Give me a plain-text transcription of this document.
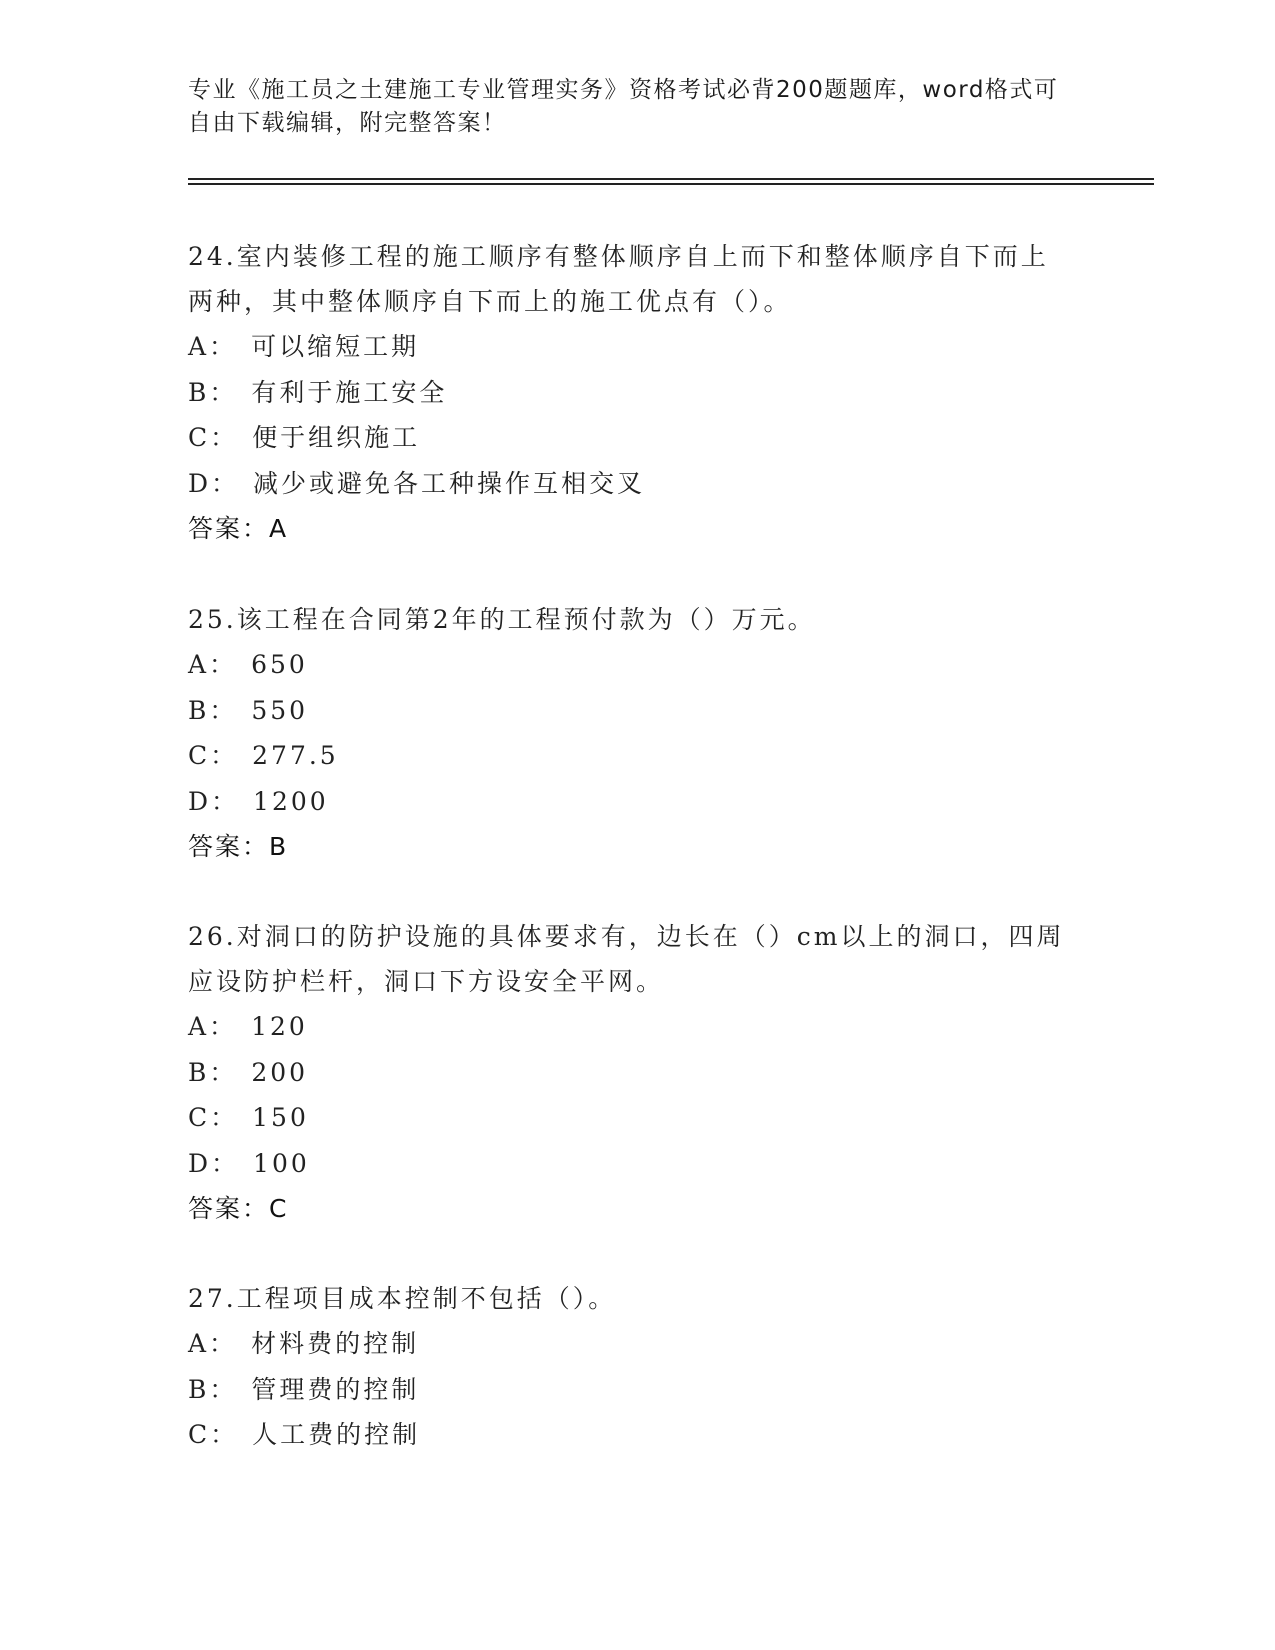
专业《施工员之土建施工专业管理实务》资格考试必背200题题库，word格式可
自由下载编辑，附完整答案！
24.室内装修工程的施工顺序有整体顺序自上而下和整体顺序自下而上
两种，其中整体顺序自下而上的施工优点有（）。
A： 可以缩短工期
B： 有利于施工安全
C： 便于组织施工
D： 减少或避免各工种操作互相交叉
答案：A
25.该工程在合同第2年的工程预付款为（）万元。
A： 650
B： 550
C： 277.5
D： 1200
答案：B
26.对洞口的防护设施的具体要求有，边长在（）cm以上的洞口，四周
应设防护栏杆，洞口下方设安全平网。
A： 120
B： 200
C： 150
D： 100
答案：C
27.工程项目成本控制不包括（）。
A： 材料费的控制
B： 管理费的控制
C： 人工费的控制
